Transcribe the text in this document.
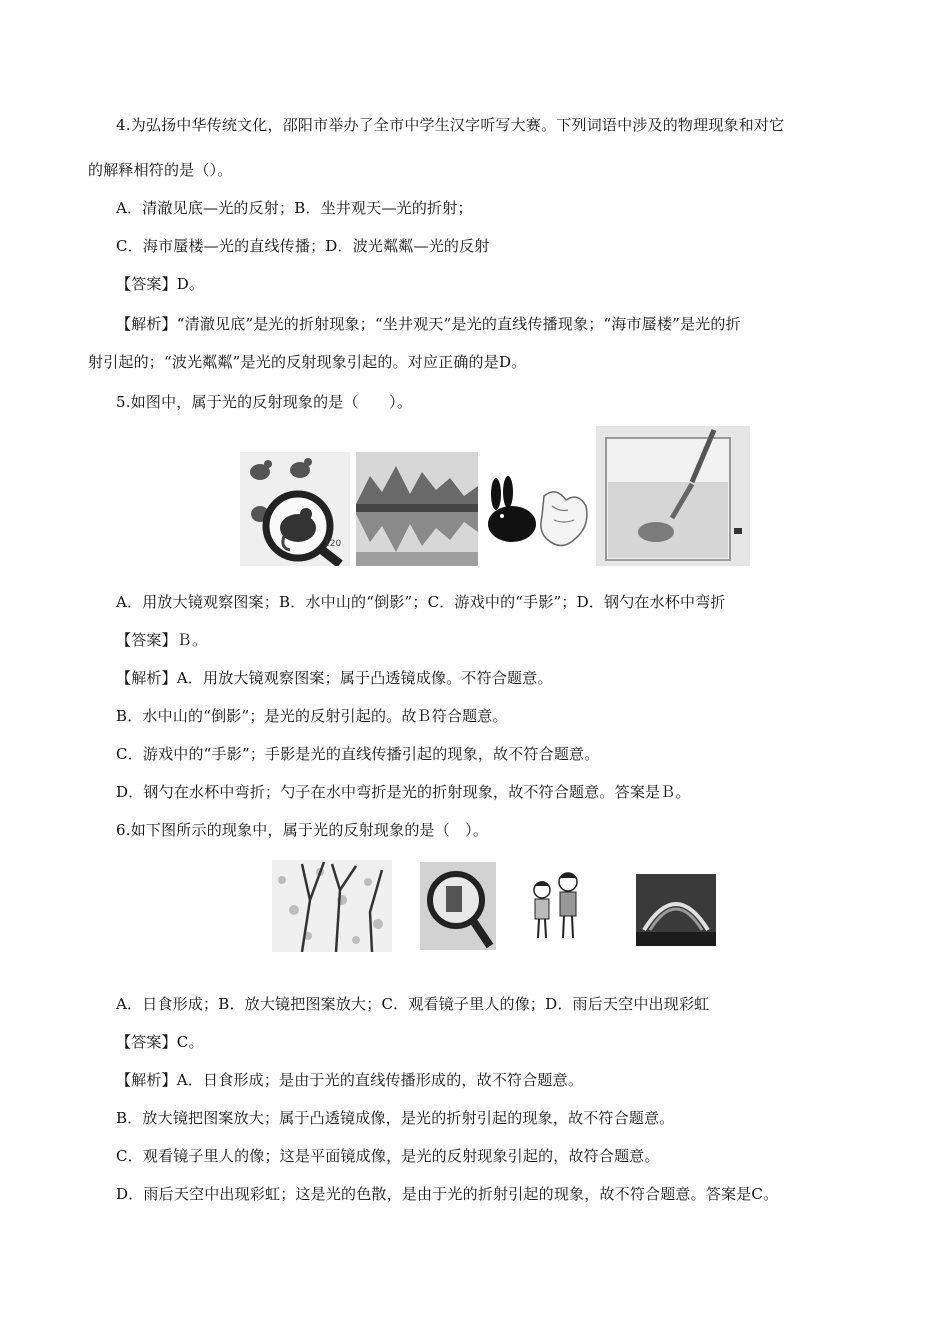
4.为弘扬中华传统文化，邵阳市举办了全市中学生汉字听写大赛。下列词语中涉及的物理现象和对它
的解释相符的是（）。
A．清澈见底—光的反射；B．坐井观天—光的折射；
C．海市蜃楼—光的直线传播；D．波光粼粼—光的反射
【答案】D。
【解析】“清澈见底”是光的折射现象；“坐井观天”是光的直线传播现象；“海市蜃楼”是光的折
射引起的；“波光粼粼”是光的反射现象引起的。对应正确的是D。
5.如图中，属于光的反射现象的是（　　）。
120
A．用放大镜观察图案；B．水中山的“倒影”；C．游戏中的“手影”；D．钢勺在水杯中弯折
【答案】Ｂ。
【解析】A．用放大镜观察图案；属于凸透镜成像。不符合题意。
B．水中山的“倒影”；是光的反射引起的。故Ｂ符合题意。
C．游戏中的“手影”；手影是光的直线传播引起的现象，故不符合题意。
D．钢勺在水杯中弯折；勺子在水中弯折是光的折射现象，故不符合题意。答案是Ｂ。
6.如下图所示的现象中，属于光的反射现象的是（　）。
A．日食形成；B．放大镜把图案放大；C．观看镜子里人的像；D．雨后天空中出现彩虹
【答案】C。
【解析】A．日食形成；是由于光的直线传播形成的，故不符合题意。
B．放大镜把图案放大；属于凸透镜成像，是光的折射引起的现象，故不符合题意。
C．观看镜子里人的像；这是平面镜成像，是光的反射现象引起的，故符合题意。
D．雨后天空中出现彩虹；这是光的色散，是由于光的折射引起的现象，故不符合题意。答案是C。
